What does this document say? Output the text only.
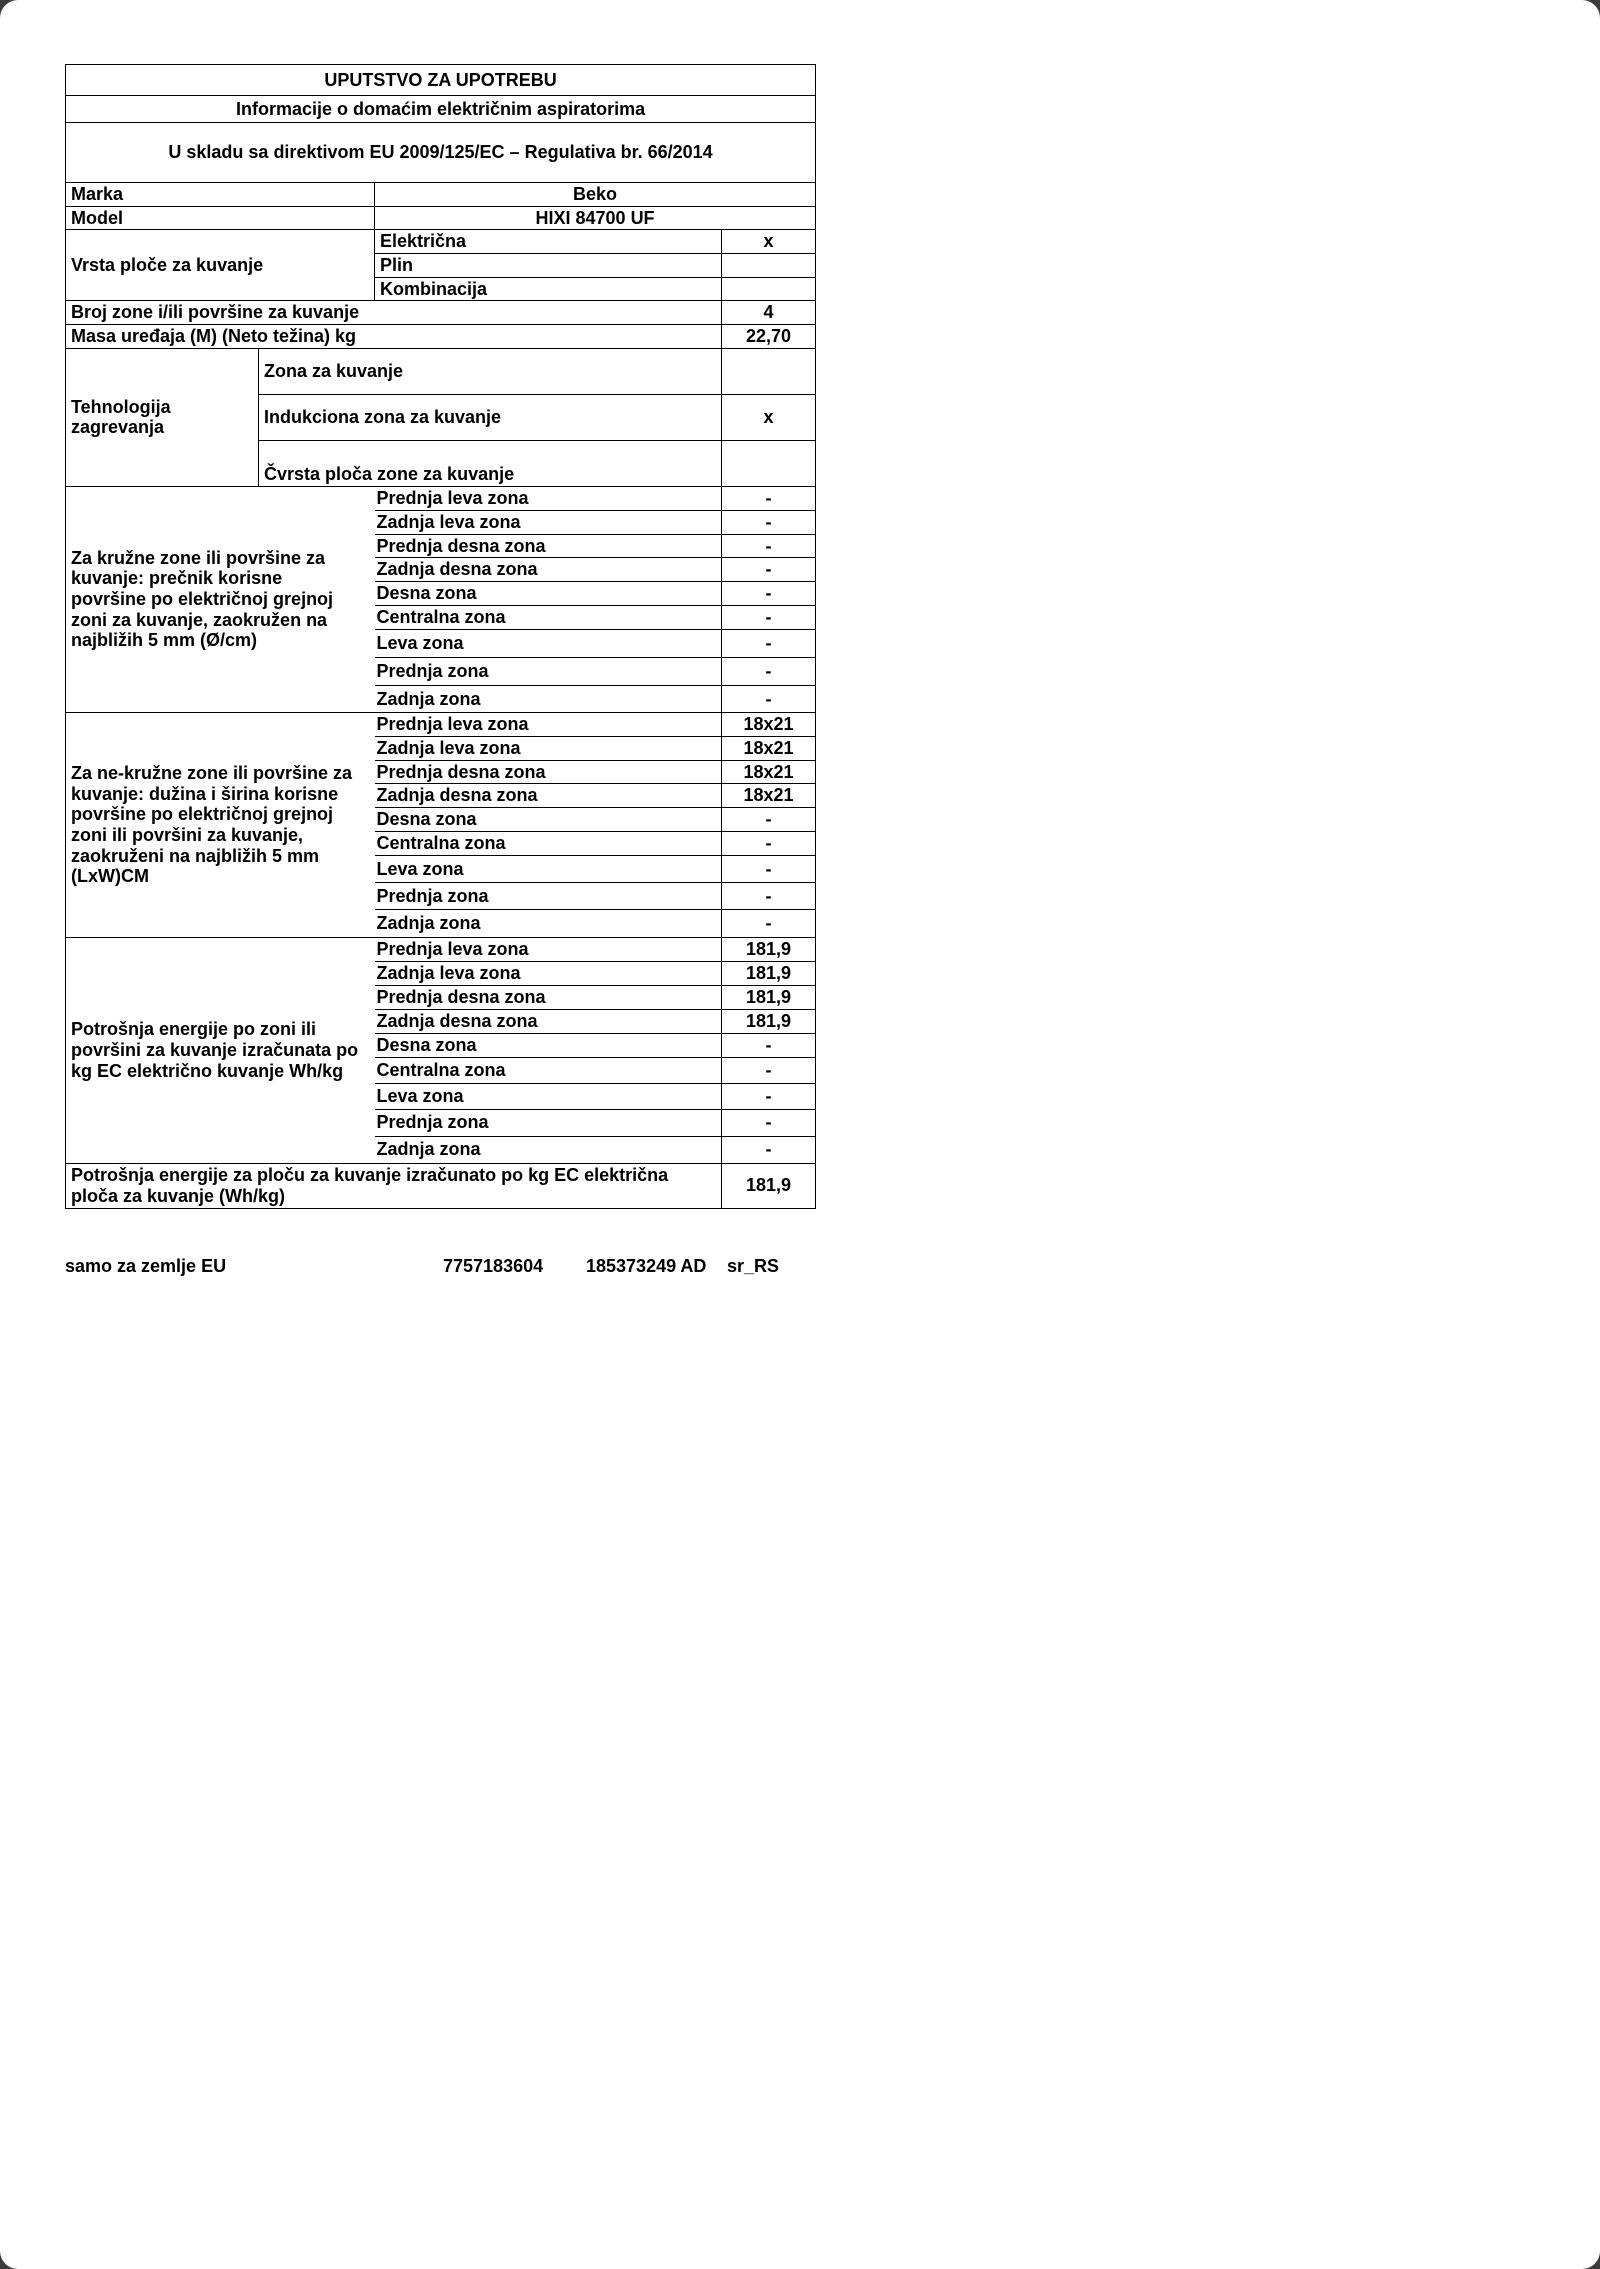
UPUTSTVO ZA UPOTREBU				
Informacije o domaćim električnim aspiratorima				
U skladu sa direktivom EU 2009/125/EC – Regulativa br. 66/2014				
Marka			Beko	
Model			HIXI 84700 UF	
Vrsta ploče za kuvanje			Električna	x
			Plin	
			Kombinacija	
Broj zone i/ili površine za kuvanje				4
Masa uređaja (M) (Neto težina) kg				22,70
Tehnologija zagrevanja	Zona za kuvanje			
	Indukciona zona za kuvanje			x
	Čvrsta ploča zone za kuvanje			
Za kružne zone ili površine za kuvanje: prečnik korisne površine po električnoj grejnoj zoni za kuvanje, zaokružen na najbližih 5 mm (Ø/cm)			Prednja leva zona	-
			Zadnja leva zona	-
			Prednja desna zona	-
			Zadnja desna zona	-
			Desna zona	-
			Centralna zona	-
			Leva zona	-
			Prednja zona	-
			Zadnja zona	-
Za ne-kružne zone ili površine za kuvanje: dužina i širina korisne površine po električnoj grejnoj zoni ili površini za kuvanje, zaokruženi na najbližih 5 mm (LxW)CM			Prednja leva zona	18x21
			Zadnja leva zona	18x21
			Prednja desna zona	18x21
			Zadnja desna zona	18x21
			Desna zona	-
			Centralna zona	-
			Leva zona	-
			Prednja zona	-
			Zadnja zona	-
Potrošnja energije po zoni ili površini za kuvanje izračunata po kg EC električno kuvanje Wh/kg			Prednja leva zona	181,9
			Zadnja leva zona	181,9
			Prednja desna zona	181,9
			Zadnja desna zona	181,9
			Desna zona	-
			Centralna zona	-
			Leva zona	-
			Prednja zona	-
			Zadnja zona	-
Potrošnja energije za ploču za kuvanje izračunato po kg EC električna ploča za kuvanje (Wh/kg)				181,9
samo za zemlje EU	7757183604 185373249 AD sr_RS
